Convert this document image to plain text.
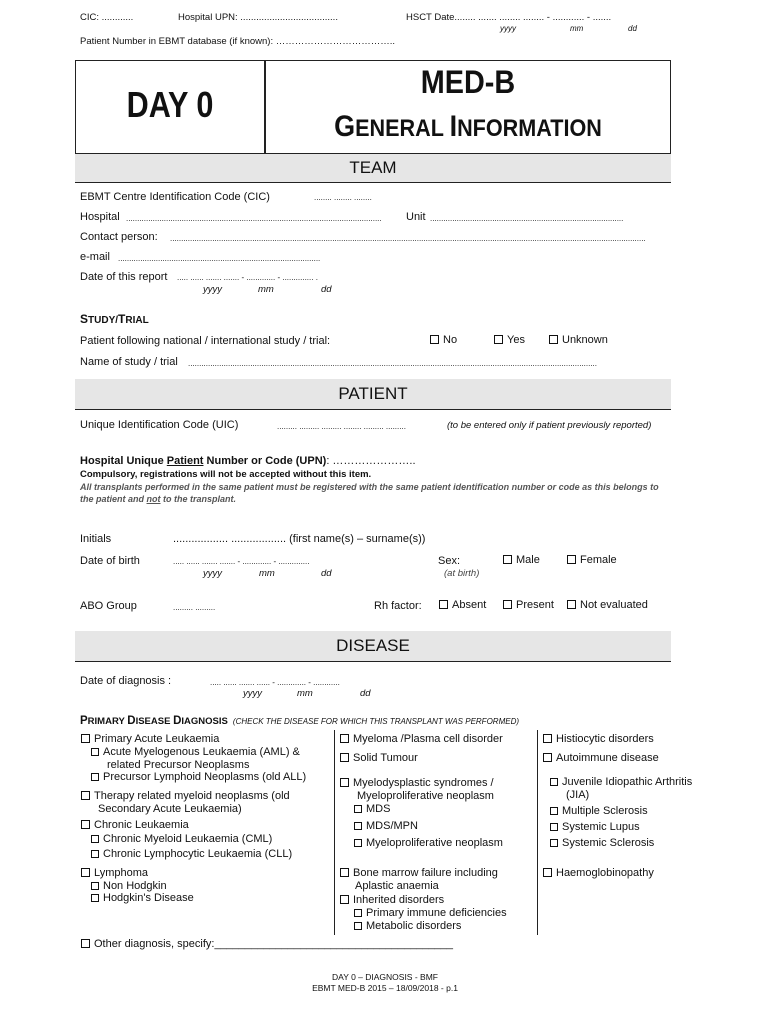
CIC: ............	Hospital UPN: .....................................	HSCT Date........ ....... ........ ........ - ............ - .......
yyyy	mm	dd
Patient Number in EBMT database (if known): ………………………………..
DAY 0
MED-B
GENERAL INFORMATION
TEAM
EBMT Centre Identification Code (CIC)	........ ........ ........
Hospital ................................................................................................................... Unit .......................................................................................
Contact person: ......................................................................................................................................................................................................................
e-mail ...........................................................................................
Date of this report ..... ...... ....... ....... - ............. - .............. .
yyyy	mm	dd
STUDY/TRIAL
Patient following national / international study / trial:	No	Yes	Unknown
Name of study / trial ........................................................................................................................................................................................
PATIENT
Unique Identification Code (UIC)	......... ......... ......... ........ ......... .........	(to be entered only if patient previously reported)
Hospital Unique Patient Number or Code (UPN): …………………..
Compulsory, registrations will not be accepted without this item.
All transplants performed in the same patient must be registered with the same patient identification number or code as this belongs to
the patient and not to the transplant.
Initials	.................. .................. (first name(s) – surname(s))
Date of birth	..... ...... ....... ....... - ............. - ..............
yyyy	mm	dd
Sex:
(at birth)
Male	Female
ABO Group	......... .........	Rh factor:	Absent	Present	Not evaluated
DISEASE
Date of diagnosis :	..... ...... ....... ...... - ............. - ............
yyyy	mm	dd
PRIMARY DISEASE DIAGNOSIS (CHECK THE DISEASE FOR WHICH THIS TRANSPLANT WAS PERFORMED)
Primary Acute Leukaemia
Acute Myelogenous Leukaemia (AML) &
related Precursor Neoplasms
Precursor Lymphoid Neoplasms (old ALL)
Therapy related myeloid neoplasms (old
Secondary Acute Leukaemia)
Chronic Leukaemia
Chronic Myeloid Leukaemia (CML)
Chronic Lymphocytic Leukaemia (CLL)
Lymphoma
Non Hodgkin
Hodgkin's Disease
Myeloma /Plasma cell disorder
Solid Tumour
Myelodysplastic syndromes /
Myeloproliferative neoplasm
MDS
MDS/MPN
Myeloproliferative neoplasm
Bone marrow failure including
Aplastic anaemia
Inherited disorders
Primary immune deficiencies
Metabolic disorders
Histiocytic disorders
Autoimmune disease
Juvenile Idiopathic Arthritis
(JIA)
Multiple Sclerosis
Systemic Lupus
Systemic Sclerosis
Haemoglobinopathy
Other diagnosis, specify:_______________________________________
DAY 0 – DIAGNOSIS - BMF
EBMT MED-B 2015 – 18/09/2018 - p.1
